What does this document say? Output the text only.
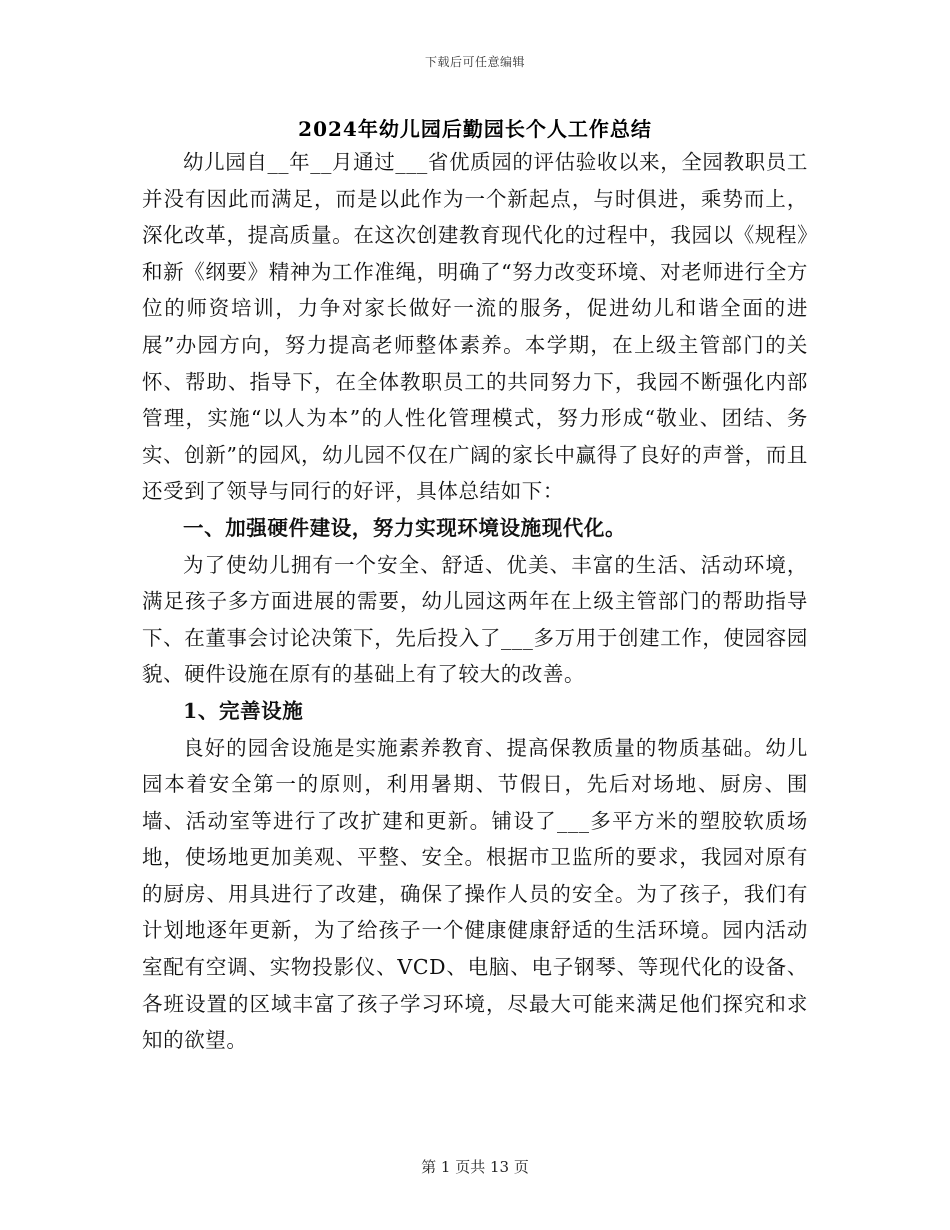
下载后可任意编辑
2024年幼儿园后勤园长个人工作总结

幼儿园自__年__月通过___省优质园的评估验收以来，全园教职员工并没有因此而满足，而是以此作为一个新起点，与时俱进，乘势而上，深化改革，提高质量。在这次创建教育现代化的过程中，我园以《规程》和新《纲要》精神为工作准绳，明确了“努力改变环境、对老师进行全方位的师资培训，力争对家长做好一流的服务，促进幼儿和谐全面的进展”办园方向，努力提高老师整体素养。本学期，在上级主管部门的关怀、帮助、指导下，在全体教职员工的共同努力下，我园不断强化内部管理，实施“以人为本”的人性化管理模式，努力形成“敬业、团结、务实、创新”的园风，幼儿园不仅在广阔的家长中赢得了良好的声誉，而且还受到了领导与同行的好评，具体总结如下：

一、加强硬件建设，努力实现环境设施现代化。

为了使幼儿拥有一个安全、舒适、优美、丰富的生活、活动环境，满足孩子多方面进展的需要，幼儿园这两年在上级主管部门的帮助指导下、在董事会讨论决策下，先后投入了___多万用于创建工作，使园容园貌、硬件设施在原有的基础上有了较大的改善。

1、完善设施

良好的园舍设施是实施素养教育、提高保教质量的物质基础。幼儿园本着安全第一的原则，利用暑期、节假日，先后对场地、厨房、围墙、活动室等进行了改扩建和更新。铺设了___多平方米的塑胶软质场地，使场地更加美观、平整、安全。根据市卫监所的要求，我园对原有的厨房、用具进行了改建，确保了操作人员的安全。为了孩子，我们有计划地逐年更新，为了给孩子一个健康健康舒适的生活环境。园内活动室配有空调、实物投影仪、VCD、电脑、电子钢琴、等现代化的设备、各班设置的区域丰富了孩子学习环境，尽最大可能来满足他们探究和求知的欲望。

第 1 页共 13 页
